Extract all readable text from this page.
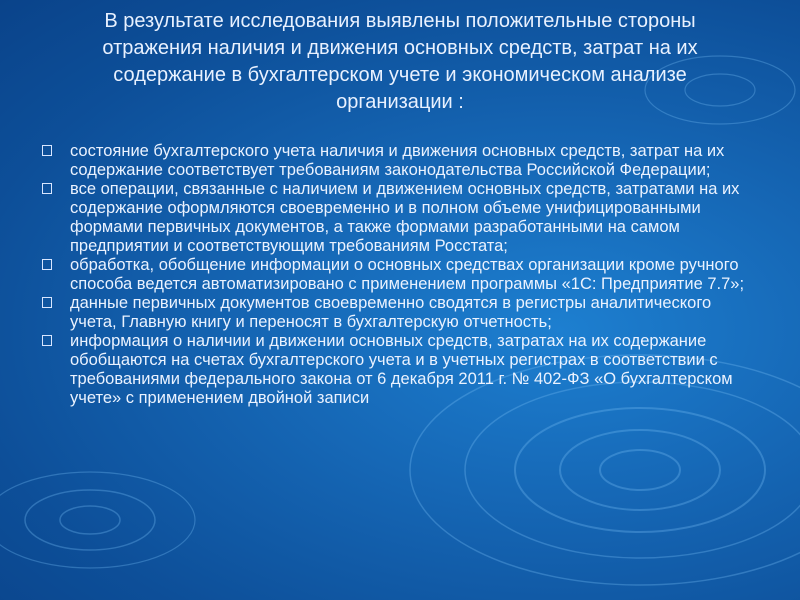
В результате исследования выявлены положительные стороны отражения наличия и движения основных средств, затрат на их содержание в бухгалтерском учете и экономическом анализе организации :
состояние бухгалтерского учета наличия и движения основных средств, затрат на их содержание соответствует требованиям законодательства Российской Федерации;
все операции, связанные с наличием и движением основных средств, затратами на их содержание оформляются своевременно и в полном объеме унифицированными формами первичных документов, а также формами разработанными на самом предприятии и соответствующим требованиям Росстата;
обработка, обобщение информации о основных средствах организации кроме ручного способа ведется автоматизировано с применением программы «1С: Предприятие 7.7»;
данные первичных документов своевременно сводятся в регистры аналитического учета, Главную книгу и переносят в бухгалтерскую отчетность;
информация о наличии и движении основных средств, затратах на их содержание обобщаются на счетах бухгалтерского учета и в учетных регистрах в соответствии с требованиями федерального закона от 6 декабря 2011 г. № 402-ФЗ «О бухгалтерском учете» с применением двойной записи
